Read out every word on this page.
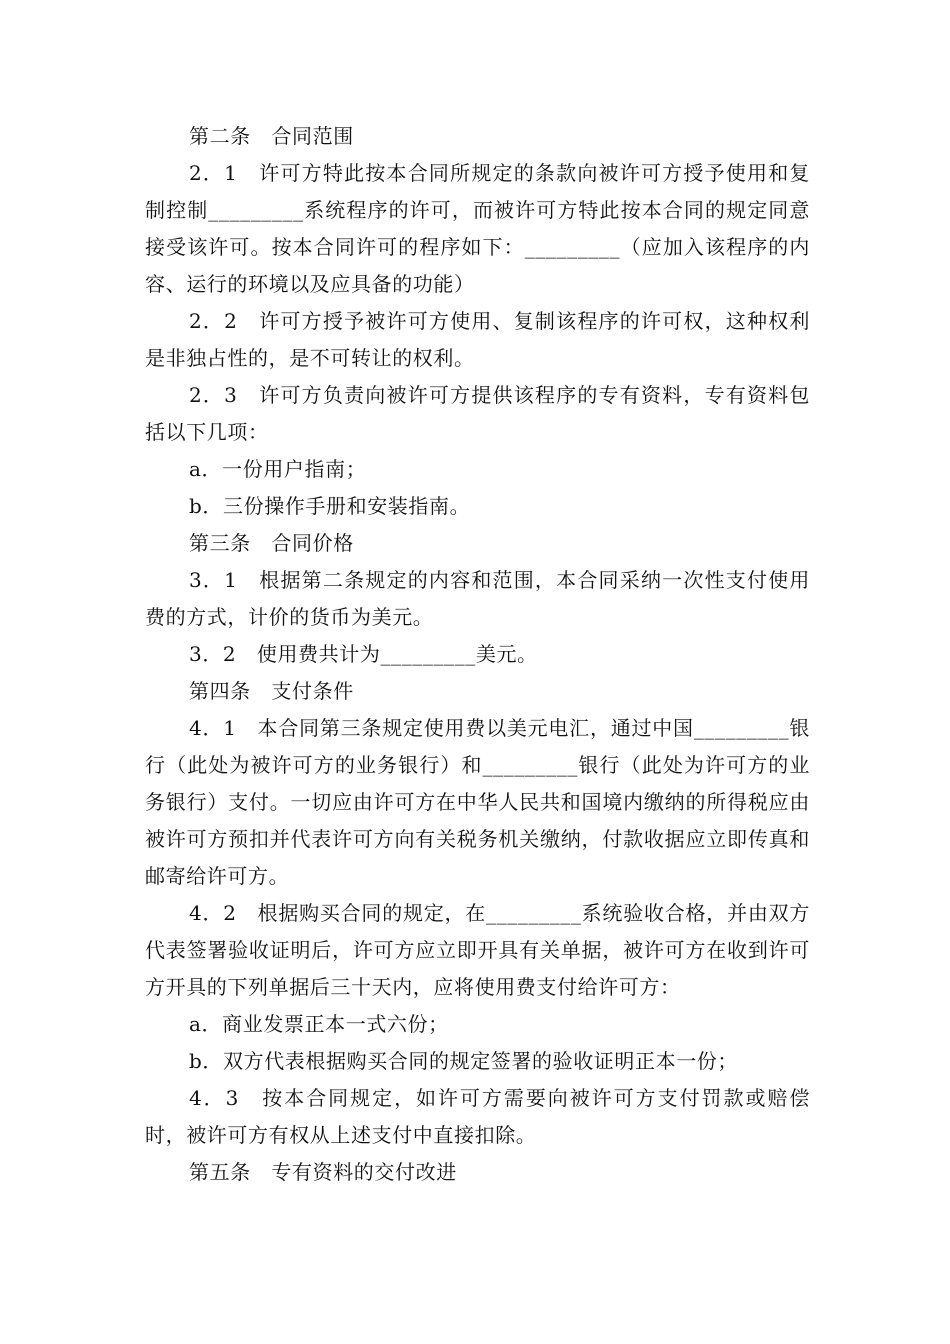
第二条　合同范围

2．1　许可方特此按本合同所规定的条款向被许可方授予使用和复制控制_________系统程序的许可，而被许可方特此按本合同的规定同意接受该许可。按本合同许可的程序如下：_________（应加入该程序的内容、运行的环境以及应具备的功能）

2．2　许可方授予被许可方使用、复制该程序的许可权，这种权利是非独占性的，是不可转让的权利。

2．3　许可方负责向被许可方提供该程序的专有资料，专有资料包括以下几项：

a．一份用户指南；

b．三份操作手册和安装指南。

第三条　合同价格

3．1　根据第二条规定的内容和范围，本合同采纳一次性支付使用费的方式，计价的货币为美元。

3．2　使用费共计为_________美元。

第四条　支付条件

4．1　本合同第三条规定使用费以美元电汇，通过中国_________银行（此处为被许可方的业务银行）和_________银行（此处为许可方的业务银行）支付。一切应由许可方在中华人民共和国境内缴纳的所得税应由被许可方预扣并代表许可方向有关税务机关缴纳，付款收据应立即传真和邮寄给许可方。

4．2　根据购买合同的规定，在_________系统验收合格，并由双方代表签署验收证明后，许可方应立即开具有关单据，被许可方在收到许可方开具的下列单据后三十天内，应将使用费支付给许可方：

a．商业发票正本一式六份；

b．双方代表根据购买合同的规定签署的验收证明正本一份；

4．3　按本合同规定，如许可方需要向被许可方支付罚款或赔偿时，被许可方有权从上述支付中直接扣除。

第五条　专有资料的交付改进
